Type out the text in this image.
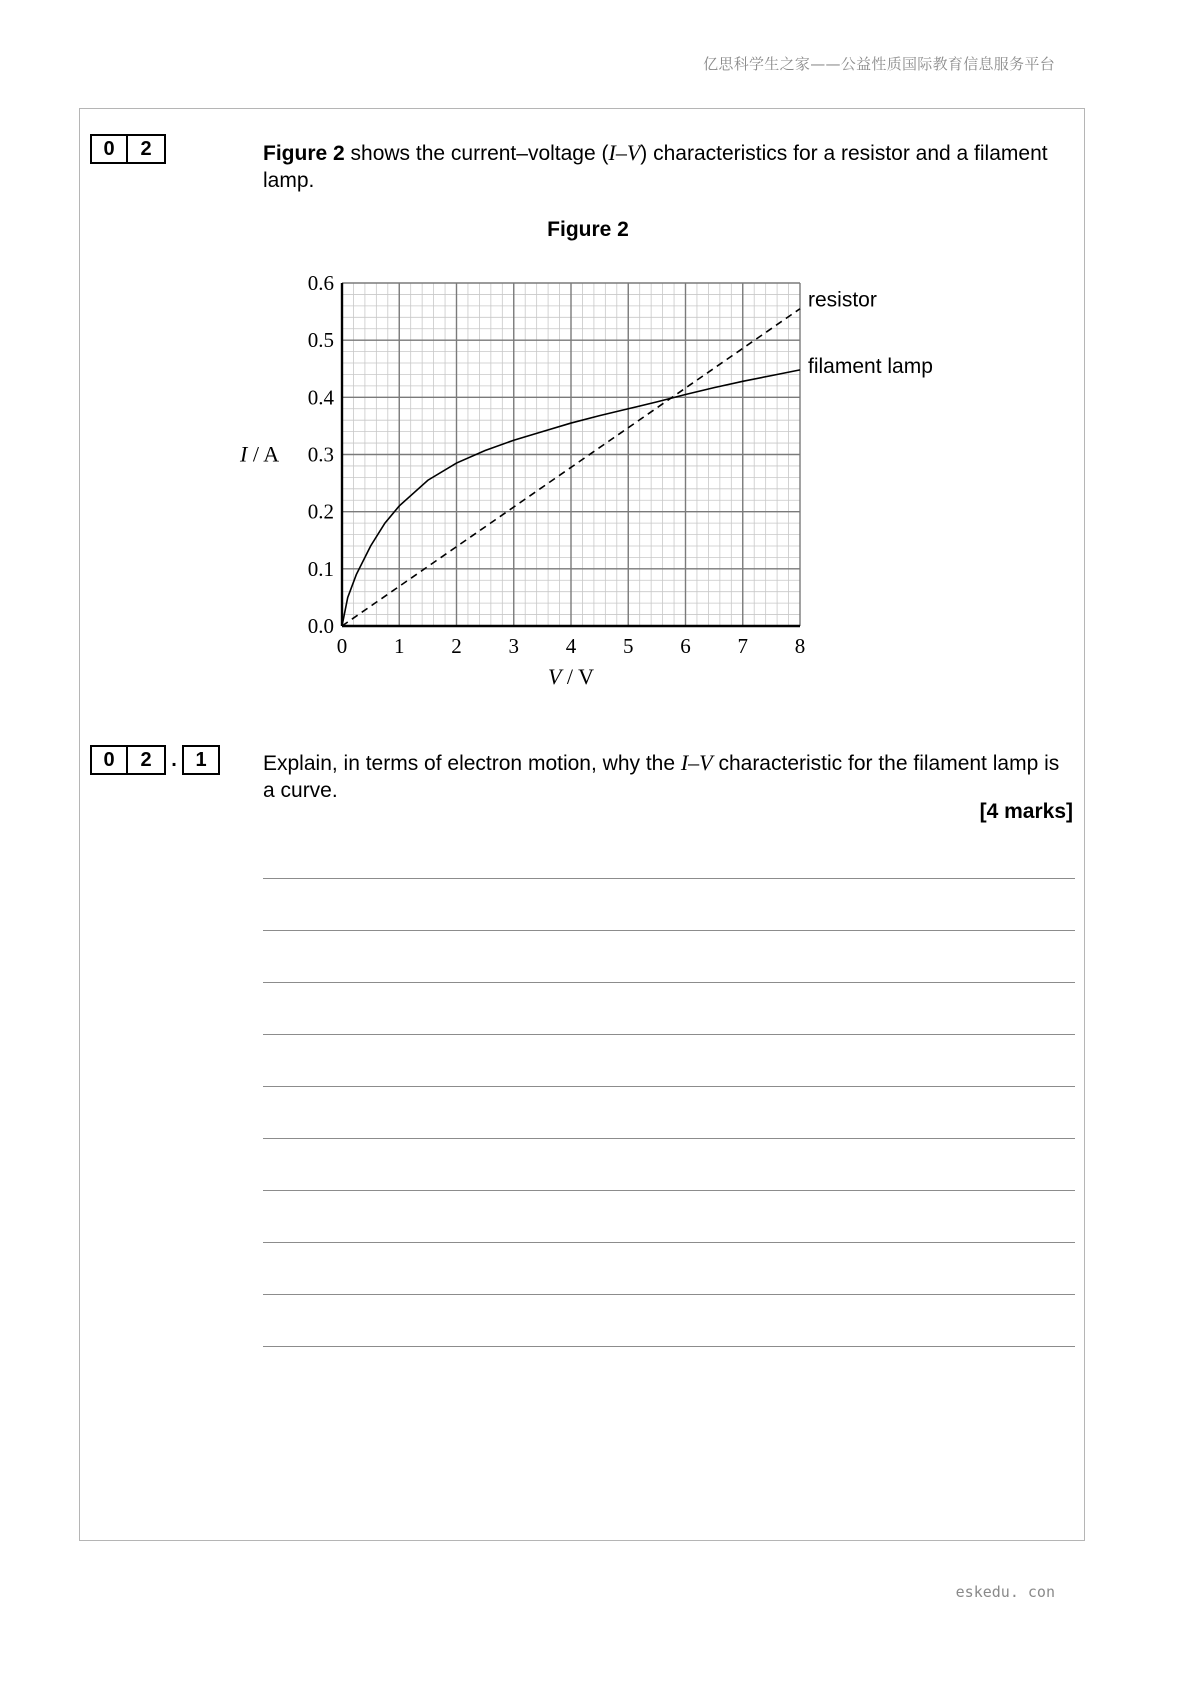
亿思科学生之家——公益性质国际教育信息服务平台
0	2	Figure 2 shows the current–voltage (I–V) characteristics for a resistor and a filament lamp.
Figure 2
0 1 2 3 4 5 6 7 8
0.0
0.1
0.2
0.3
0.4
0.5
0.6
resistor
filament lamp
I / A
V / V
0	2 . 1	Explain, in terms of electron motion, why the I–V characteristic for the filament lamp is a curve.
[4 marks]
eskedu. con
